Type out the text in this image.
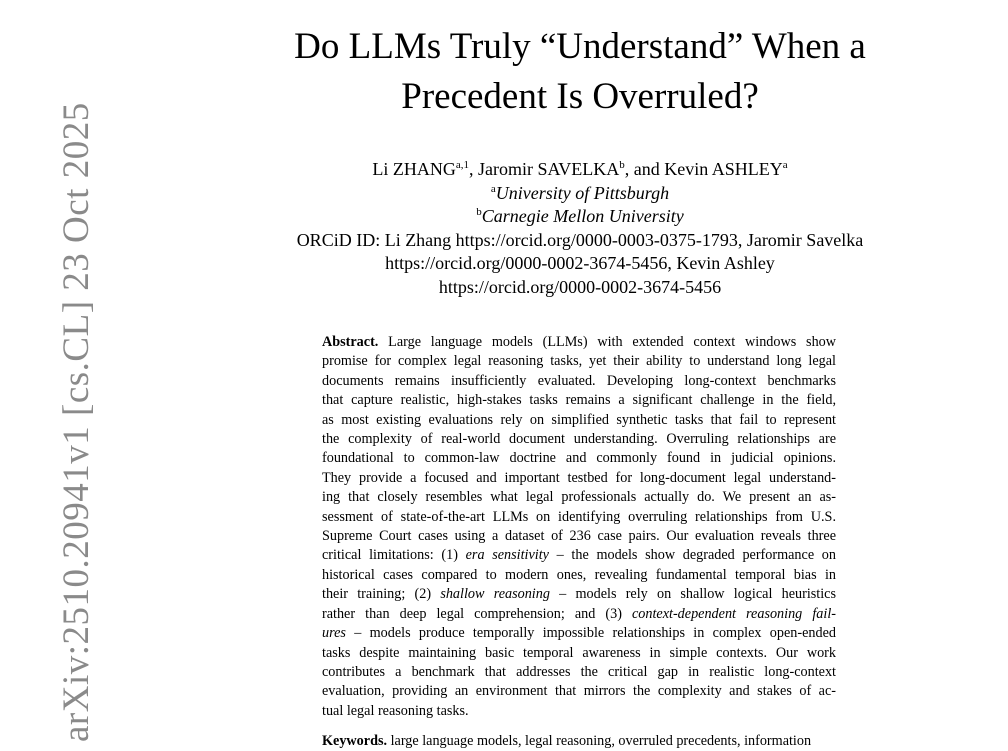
arXiv:2510.20941v1 [cs.CL] 23 Oct 2025
Do LLMs Truly “Understand” When a
Precedent Is Overruled?
Li ZHANG$^{a,1}$, Jaromir SAVELKA$^b$, and Kevin ASHLEY$^a$
$^a$University of Pittsburgh
$^b$Carnegie Mellon University
ORCiD ID: Li Zhang https://orcid.org/0000-0003-0375-1793, Jaromir Savelka
https://orcid.org/0000-0002-3674-5456, Kevin Ashley
https://orcid.org/0000-0002-3674-5456
Abstract. Large language models (LLMs) with extended context windows show
promise for complex legal reasoning tasks, yet their ability to understand long legal
documents remains insufficiently evaluated. Developing long-context benchmarks
that capture realistic, high-stakes tasks remains a significant challenge in the field,
as most existing evaluations rely on simplified synthetic tasks that fail to represent
the complexity of real-world document understanding. Overruling relationships are
foundational to common-law doctrine and commonly found in judicial opinions.
They provide a focused and important testbed for long-document legal understand-
ing that closely resembles what legal professionals actually do. We present an as-
sessment of state-of-the-art LLMs on identifying overruling relationships from U.S.
Supreme Court cases using a dataset of 236 case pairs. Our evaluation reveals three
critical limitations: (1) era sensitivity – the models show degraded performance on
historical cases compared to modern ones, revealing fundamental temporal bias in
their training; (2) shallow reasoning – models rely on shallow logical heuristics
rather than deep legal comprehension; and (3) context-dependent reasoning fail-
ures – models produce temporally impossible relationships in complex open-ended
tasks despite maintaining basic temporal awareness in simple contexts. Our work
contributes a benchmark that addresses the critical gap in realistic long-context
evaluation, providing an environment that mirrors the complexity and stakes of ac-
tual legal reasoning tasks.
Keywords. large language models, legal reasoning, overruled precedents, information
